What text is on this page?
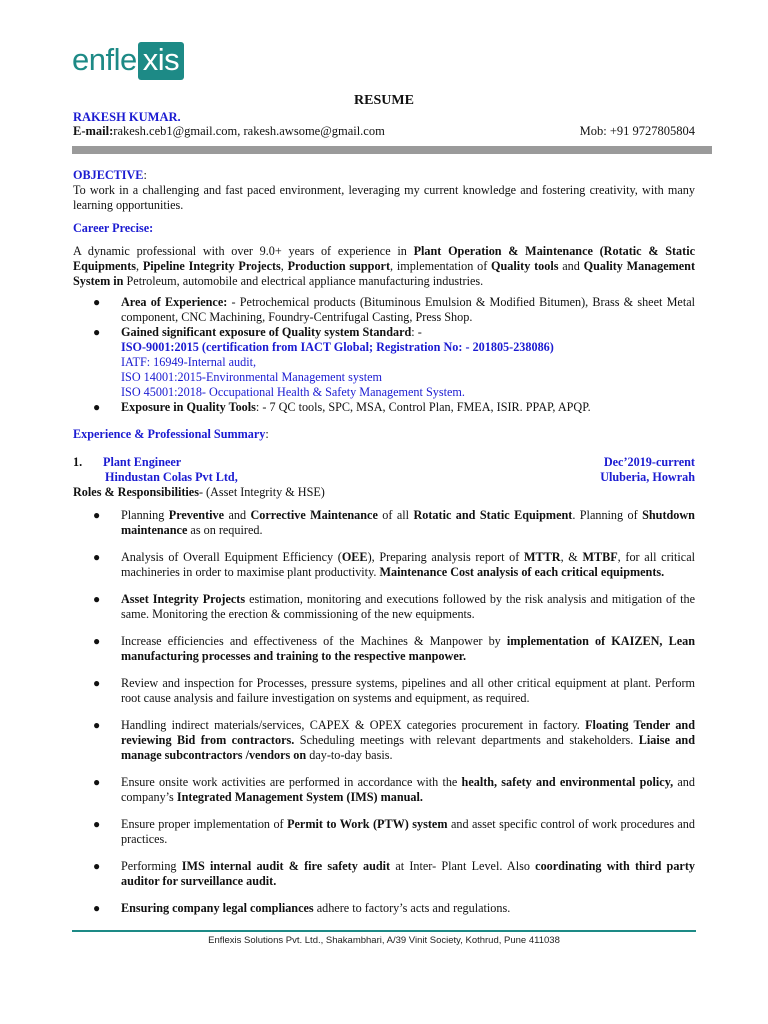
enfle xis
RESUME
RAKESH KUMAR.
E-mail:rakesh.ceb1@gmail.com, rakesh.awsome@gmail.com	Mob: +91 9727805804
OBJECTIVE:

To work in a challenging and fast paced environment, leveraging my current knowledge and fostering creativity, with many learning opportunities.

Career Precise:

A dynamic professional with over 9.0+ years of experience in Plant Operation & Maintenance (Rotatic & Static Equipments, Pipeline Integrity Projects, Production support, implementation of Quality tools and Quality Management System in Petroleum, automobile and electrical appliance manufacturing industries.

● Area of Experience: - Petrochemical products (Bituminous Emulsion & Modified Bitumen), Brass & sheet Metal component, CNC Machining, Foundry-Centrifugal Casting, Press Shop.
● Gained significant exposure of Quality system Standard: -
ISO-9001:2015 (certification from IACT Global; Registration No: - 201805-238086)
IATF: 16949-Internal audit,
ISO 14001:2015-Environmental Management system
ISO 45001:2018- Occupational Health & Safety Management System.
● Exposure in Quality Tools: - 7 QC tools, SPC, MSA, Control Plan, FMEA, ISIR. PPAP, APQP.
Experience & Professional Summary:
1. Plant Engineer	Dec’2019-current
Hindustan Colas Pvt Ltd,	Uluberia, Howrah
Roles & Responsibilities- (Asset Integrity & HSE)
● Planning Preventive and Corrective Maintenance of all Rotatic and Static Equipment. Planning of Shutdown maintenance as on required.
● Analysis of Overall Equipment Efficiency (OEE), Preparing analysis report of MTTR, & MTBF, for all critical machineries in order to maximise plant productivity. Maintenance Cost analysis of each critical equipments.
● Asset Integrity Projects estimation, monitoring and executions followed by the risk analysis and mitigation of the same. Monitoring the erection & commissioning of the new equipments.
● Increase efficiencies and effectiveness of the Machines & Manpower by implementation of KAIZEN, Lean manufacturing processes and training to the respective manpower.
● Review and inspection for Processes, pressure systems, pipelines and all other critical equipment at plant. Perform root cause analysis and failure investigation on systems and equipment, as required.
● Handling indirect materials/services, CAPEX & OPEX categories procurement in factory. Floating Tender and reviewing Bid from contractors. Scheduling meetings with relevant departments and stakeholders. Liaise and manage subcontractors /vendors on day-to-day basis.
● Ensure onsite work activities are performed in accordance with the health, safety and environmental policy, and company’s Integrated Management System (IMS) manual.
● Ensure proper implementation of Permit to Work (PTW) system and asset specific control of work procedures and practices.
● Performing IMS internal audit & fire safety audit at Inter- Plant Level. Also coordinating with third party auditor for surveillance audit.
● Ensuring company legal compliances adhere to factory’s acts and regulations.
Enflexis Solutions Pvt. Ltd., Shakambhari, A/39 Vinit Society, Kothrud, Pune 411038
